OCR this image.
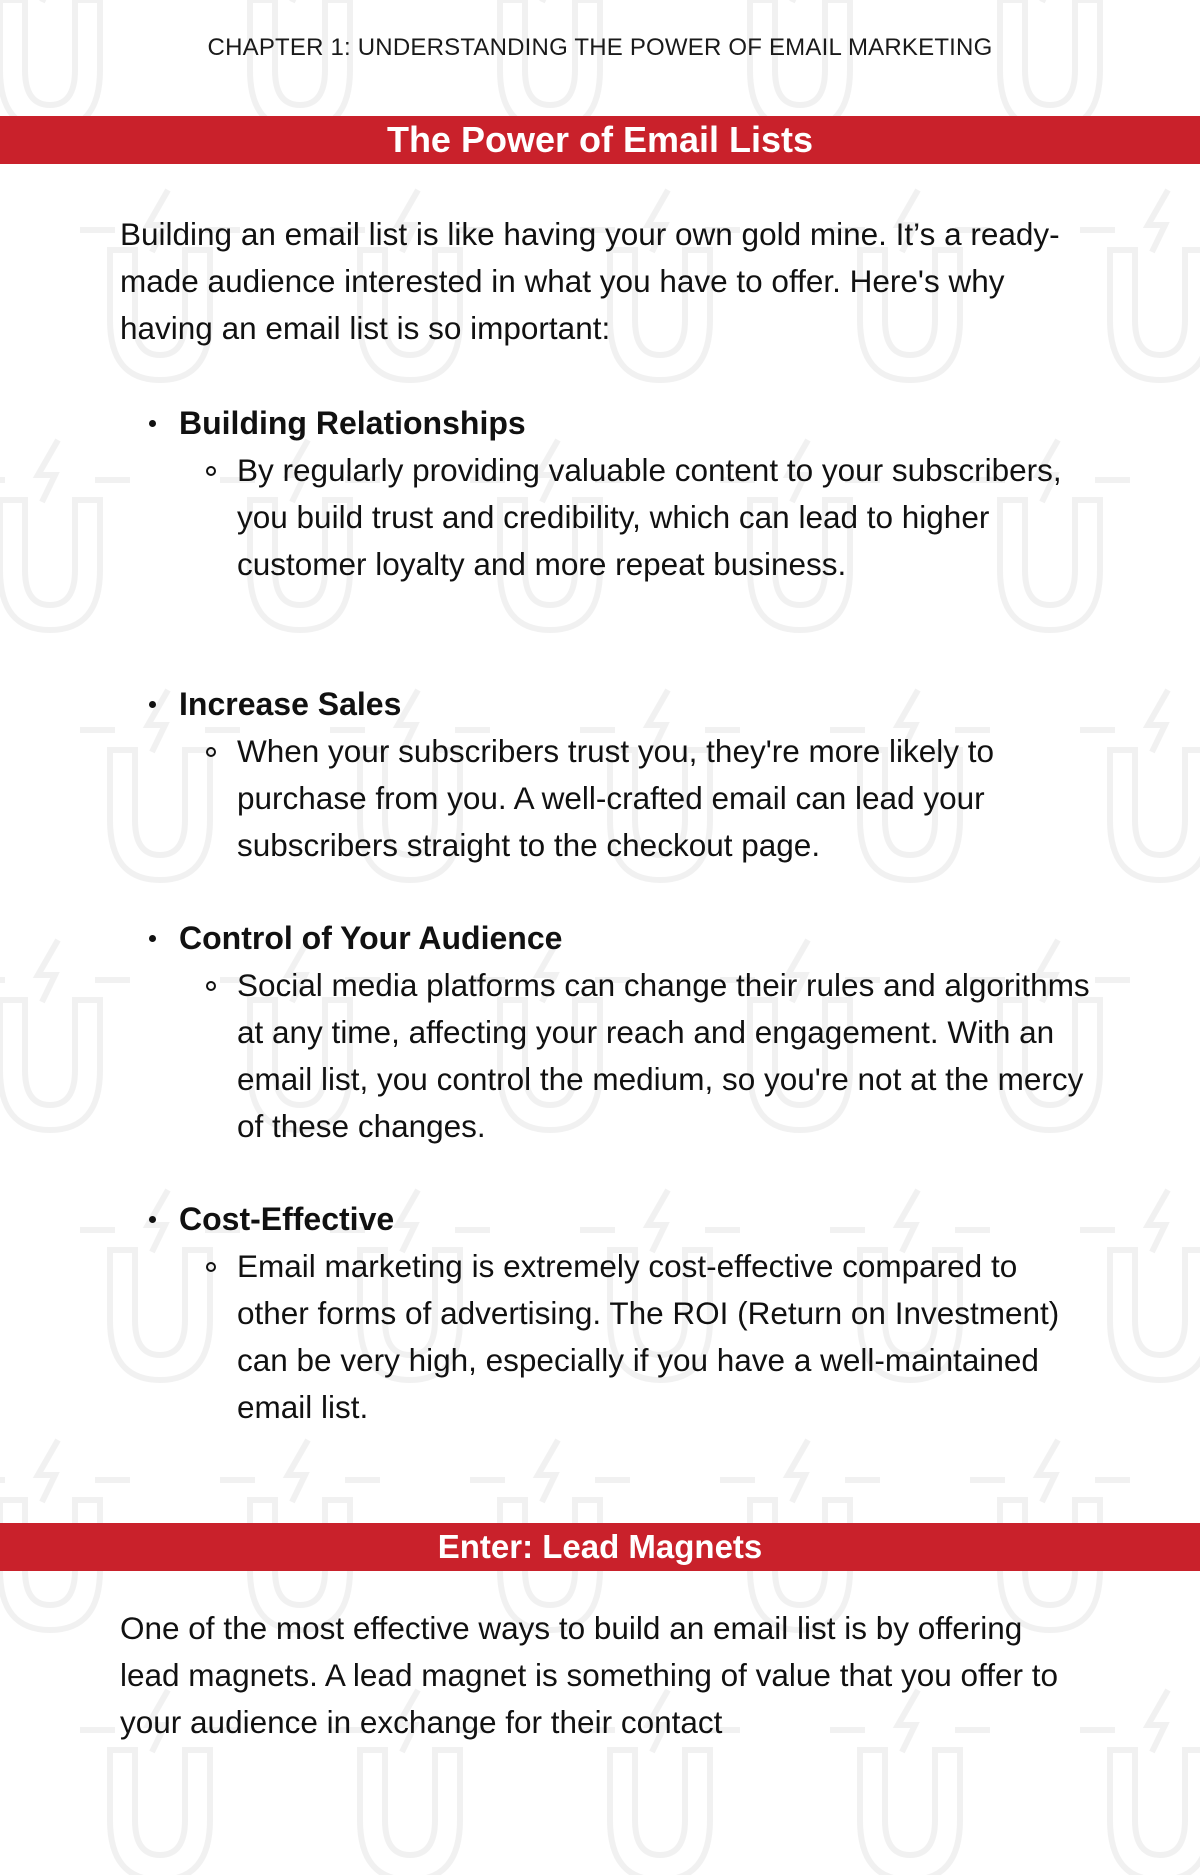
CHAPTER 1: UNDERSTANDING THE POWER OF EMAIL MARKETING
The Power of Email Lists
Building an email list is like having your own gold mine. It’s a ready-made audience interested in what you have to offer. Here's why having an email list is so important:
Building Relationships
By regularly providing valuable content to your subscribers, you build trust and credibility, which can lead to higher customer loyalty and more repeat business.
Increase Sales
When your subscribers trust you, they're more likely to purchase from you. A well-crafted email can lead your subscribers straight to the checkout page.
Control of Your Audience
Social media platforms can change their rules and algorithms at any time, affecting your reach and engagement. With an email list, you control the medium, so you're not at the mercy of these changes.
Cost-Effective
Email marketing is extremely cost-effective compared to other forms of advertising. The ROI (Return on Investment) can be very high, especially if you have a well-maintained email list.
Enter: Lead Magnets
One of the most effective ways to build an email list is by offering lead magnets. A lead magnet is something of value that you offer to your audience in exchange for their contact
